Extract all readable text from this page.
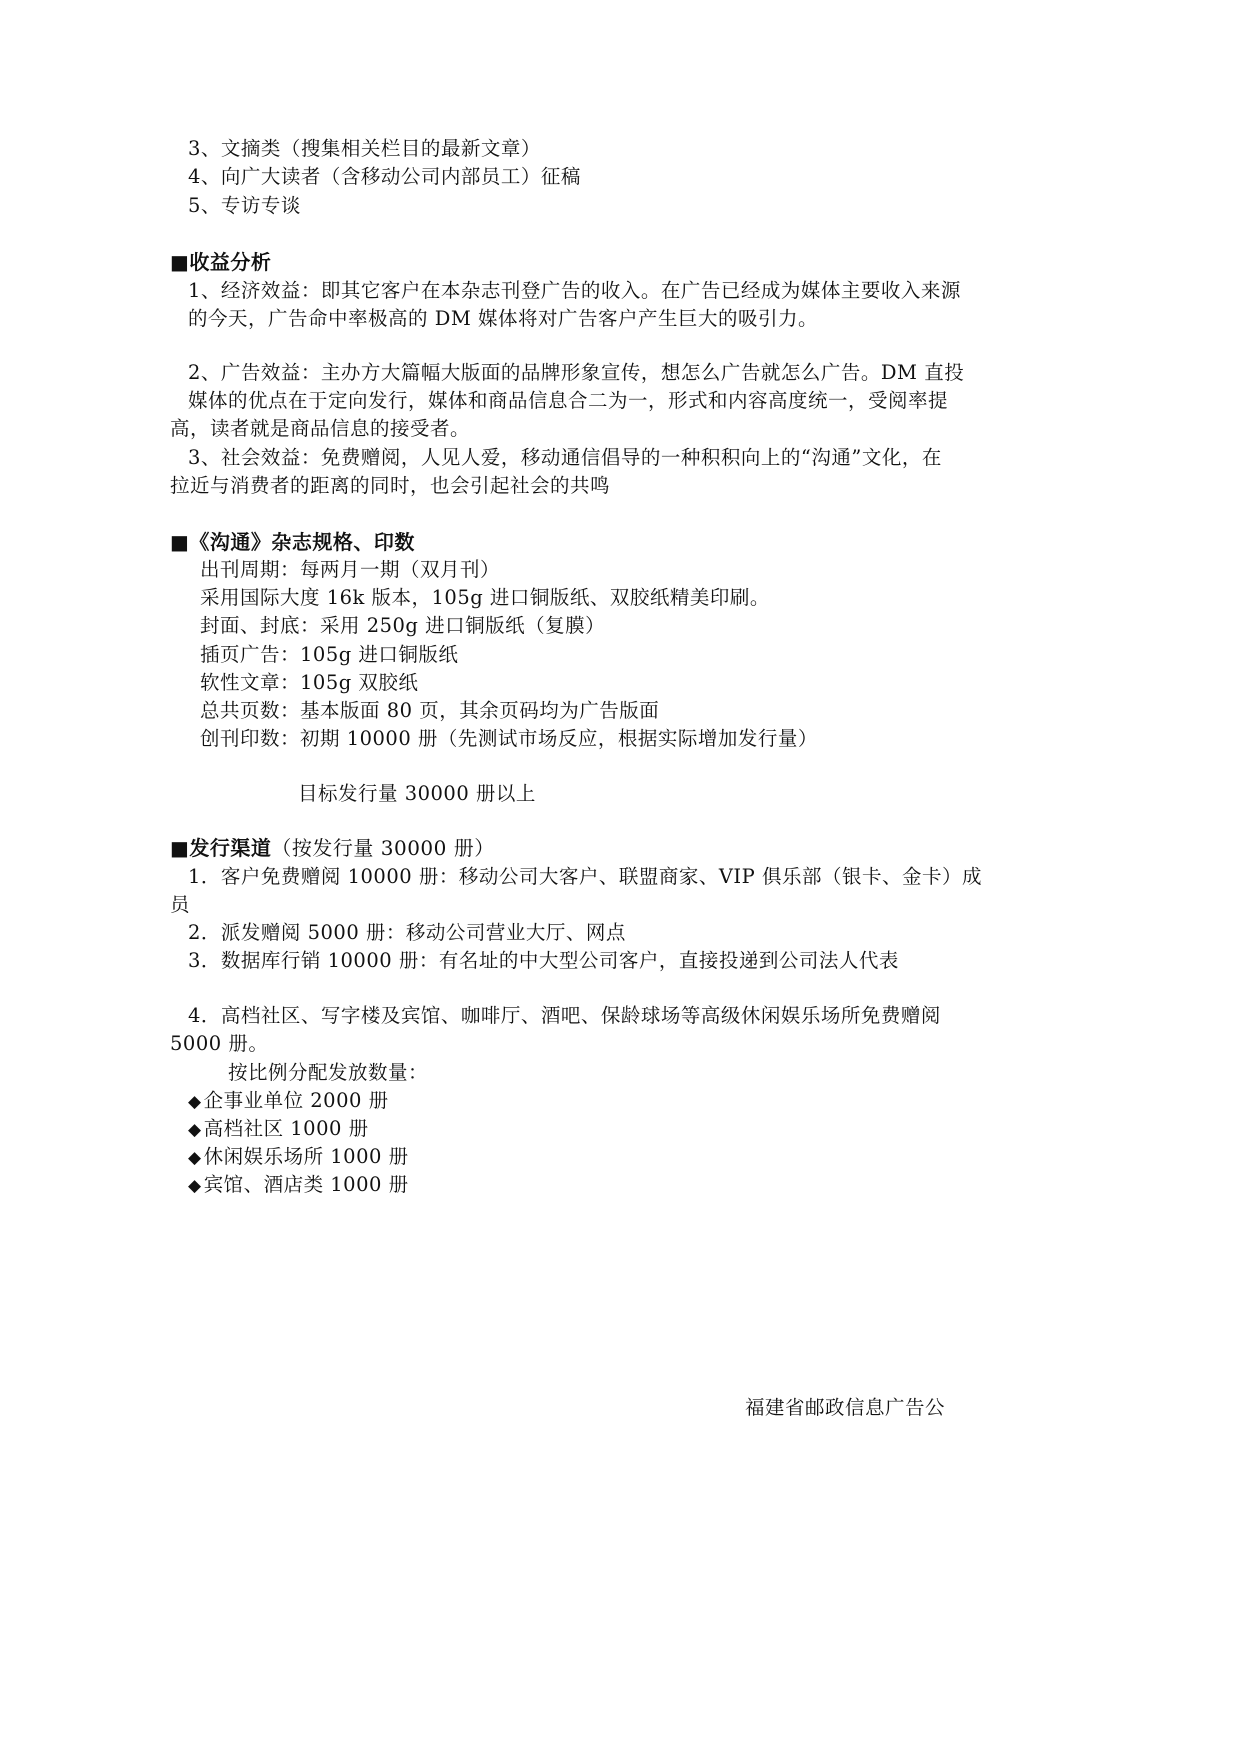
3、文摘类（搜集相关栏目的最新文章）
4、向广大读者（含移动公司内部员工）征稿
5、专访专谈
■收益分析
1、经济效益：即其它客户在本杂志刊登广告的收入。在广告已经成为媒体主要收入来源
的今天，广告命中率极高的 DM 媒体将对广告客户产生巨大的吸引力。
2、广告效益：主办方大篇幅大版面的品牌形象宣传，想怎么广告就怎么广告。DM 直投
媒体的优点在于定向发行，媒体和商品信息合二为一，形式和内容高度统一，受阅率提
高，读者就是商品信息的接受者。
3、社会效益：免费赠阅，人见人爱，移动通信倡导的一种积积向上的“沟通”文化，在
拉近与消费者的距离的同时，也会引起社会的共鸣
■《沟通》杂志规格、印数
出刊周期：每两月一期（双月刊）
采用国际大度 16k 版本，105g 进口铜版纸、双胶纸精美印刷。
封面、封底：采用 250g 进口铜版纸（复膜）
插页广告：105g 进口铜版纸
软性文章：105g 双胶纸
总共页数：基本版面 80 页，其余页码均为广告版面
创刊印数：初期 10000 册（先测试市场反应，根据实际增加发行量）
目标发行量 30000 册以上
■发行渠道（按发行量 30000 册）
1．客户免费赠阅 10000 册：移动公司大客户、联盟商家、VIP 俱乐部（银卡、金卡）成
员
2．派发赠阅 5000 册：移动公司营业大厅、网点
3．数据库行销 10000 册：有名址的中大型公司客户，直接投递到公司法人代表
4．高档社区、写字楼及宾馆、咖啡厅、酒吧、保龄球场等高级休闲娱乐场所免费赠阅
5000 册。
按比例分配发放数量：
◆ 企事业单位 2000 册
◆ 高档社区 1000 册
◆ 休闲娱乐场所 1000 册
◆ 宾馆、酒店类 1000 册
福建省邮政信息广告公
